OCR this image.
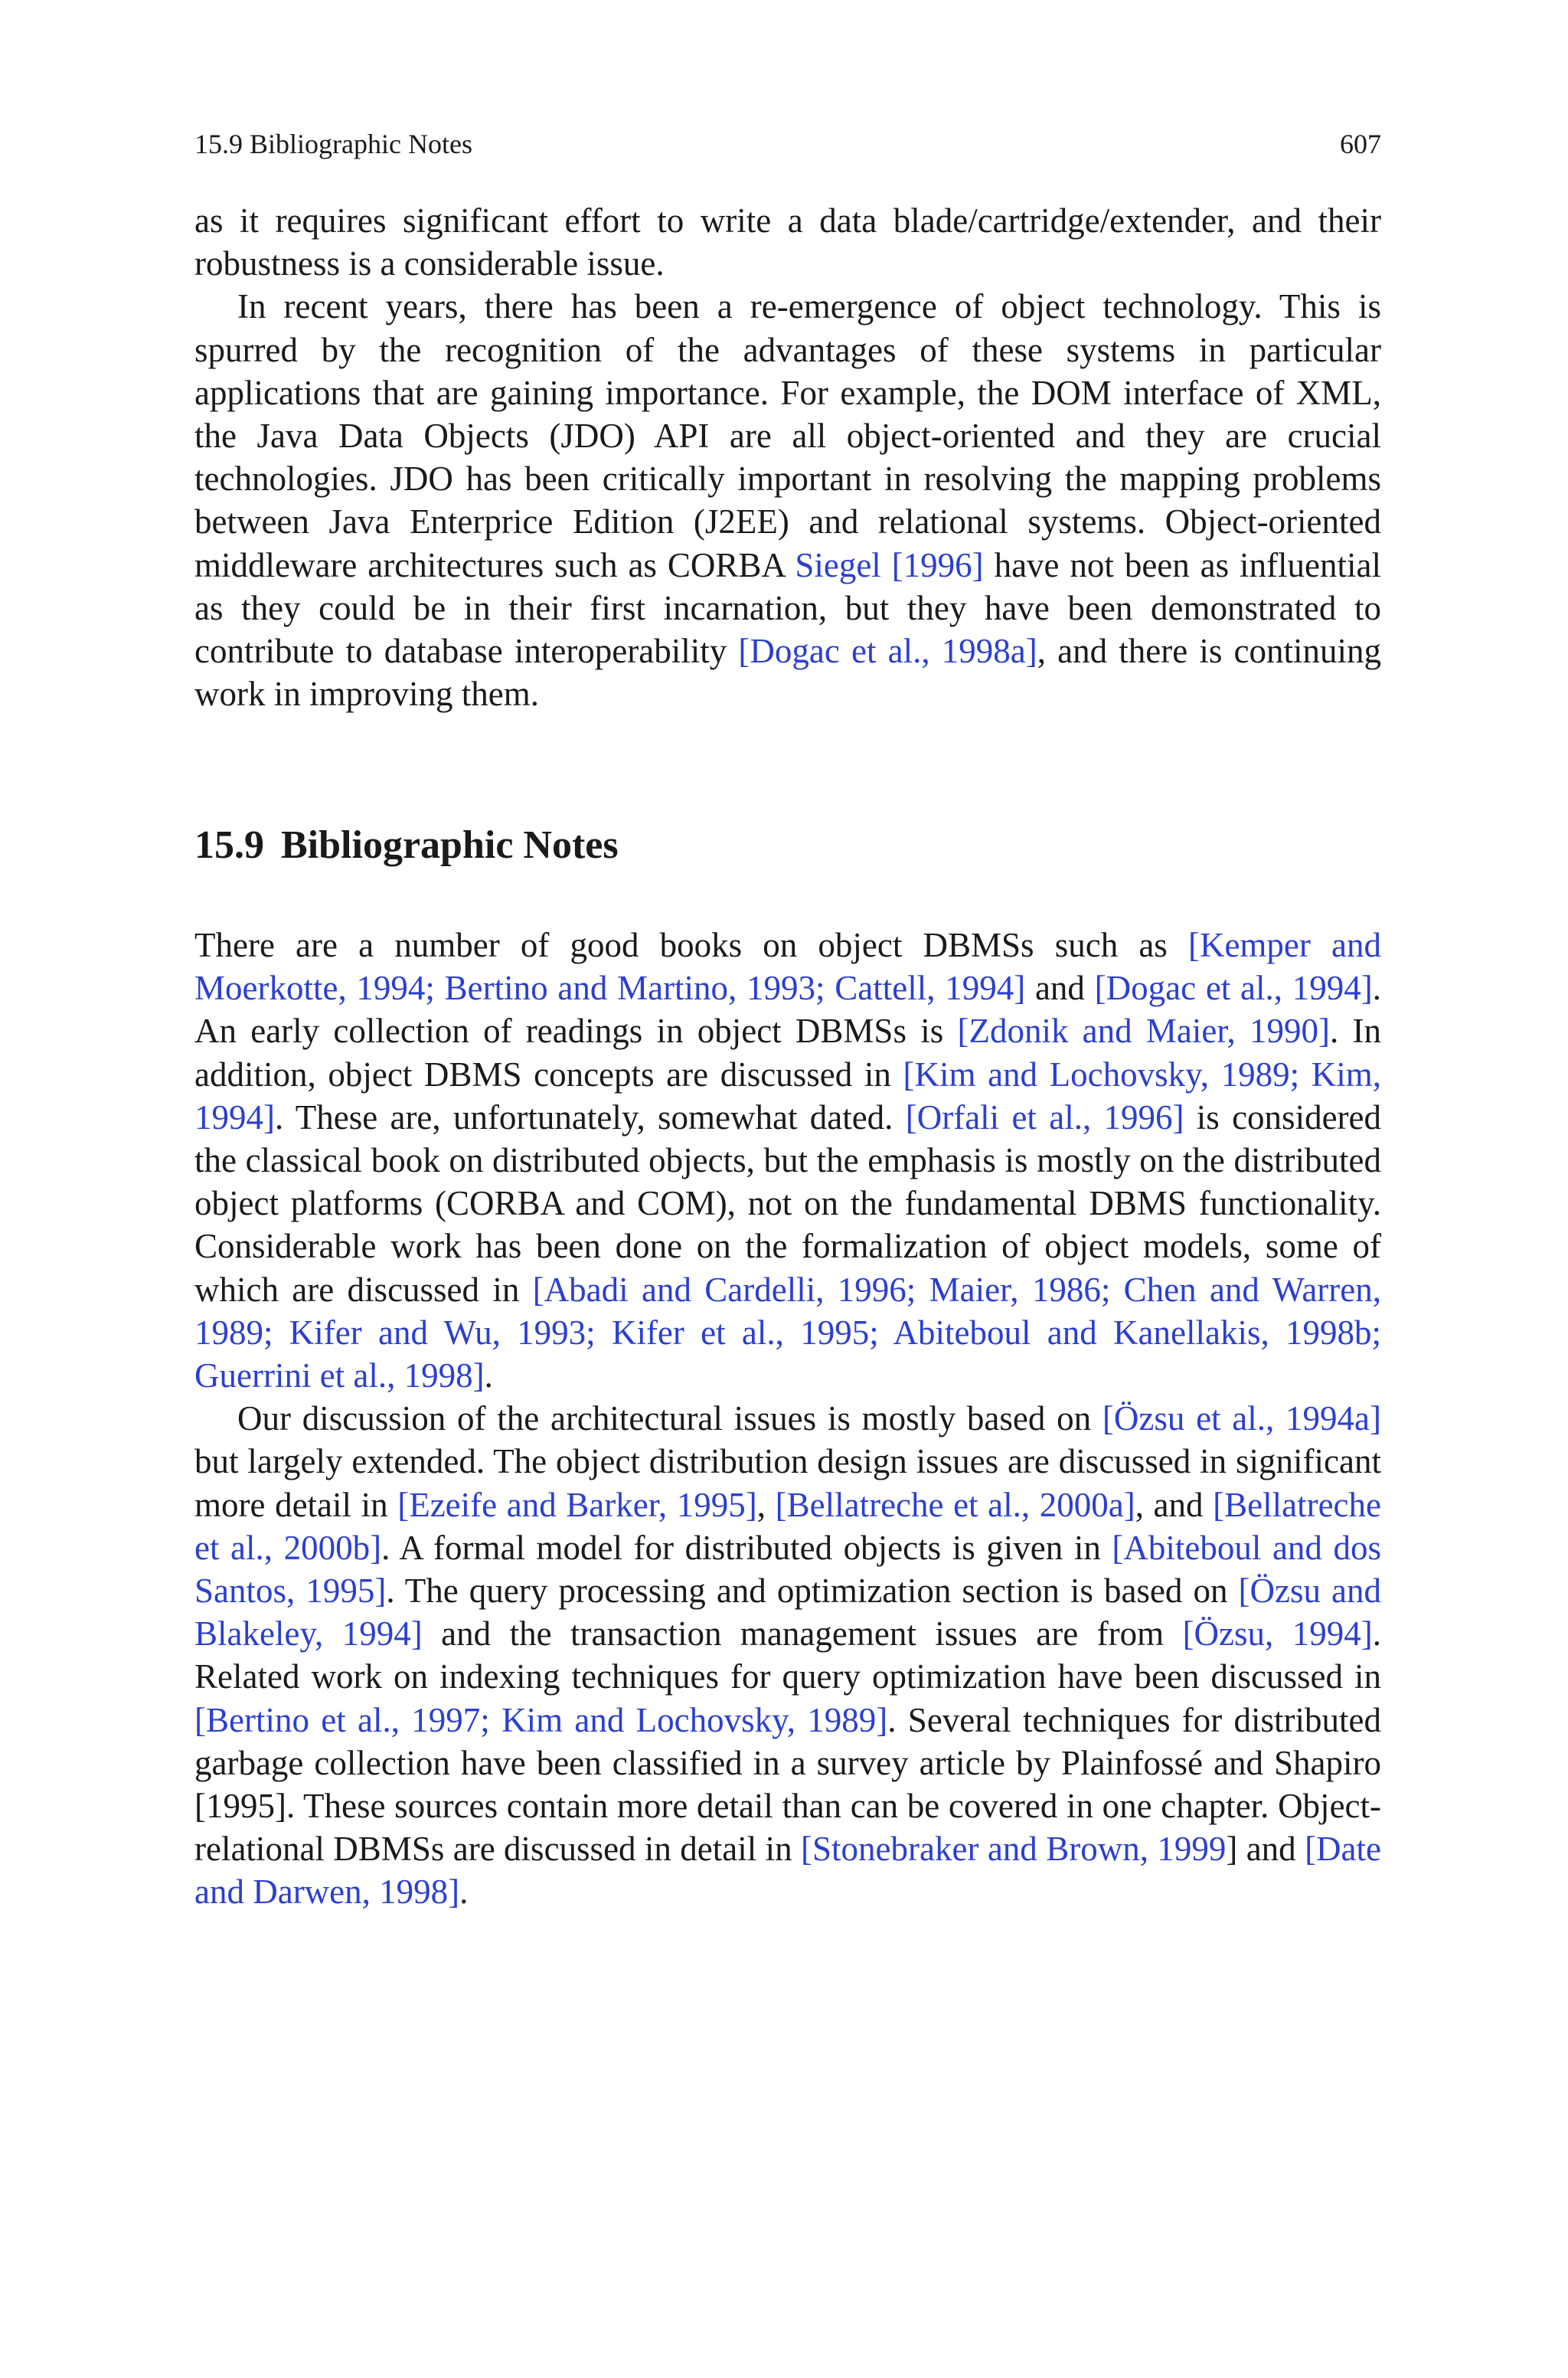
15.9 Bibliographic Notes	607

as it requires significant effort to write a data blade/cartridge/extender, and their robustness is a considerable issue.

In recent years, there has been a re-emergence of object technology. This is spurred by the recognition of the advantages of these systems in particular applications that are gaining importance. For example, the DOM interface of XML, the Java Data Objects (JDO) API are all object-oriented and they are crucial technologies. JDO has been critically important in resolving the mapping problems between Java Enterprice Edition (J2EE) and relational systems. Object-oriented middleware architectures such as CORBA Siegel [1996] have not been as influential as they could be in their first incarnation, but they have been demonstrated to contribute to database interoperability [Dogac et al., 1998a], and there is continuing work in improving them.

15.9 Bibliographic Notes

There are a number of good books on object DBMSs such as [Kemper and Moerkotte, 1994; Bertino and Martino, 1993; Cattell, 1994] and [Dogac et al., 1994]. An early collection of readings in object DBMSs is [Zdonik and Maier, 1990]. In addition, object DBMS concepts are discussed in [Kim and Lochovsky, 1989; Kim, 1994]. These are, unfortunately, somewhat dated. [Orfali et al., 1996] is considered the classical book on distributed objects, but the emphasis is mostly on the distributed object platforms (CORBA and COM), not on the fundamental DBMS functionality. Considerable work has been done on the formalization of object models, some of which are discussed in [Abadi and Cardelli, 1996; Maier, 1986; Chen and Warren, 1989; Kifer and Wu, 1993; Kifer et al., 1995; Abiteboul and Kanellakis, 1998b; Guerrini et al., 1998].

Our discussion of the architectural issues is mostly based on [Özsu et al., 1994a] but largely extended. The object distribution design issues are discussed in significant more detail in [Ezeife and Barker, 1995], [Bellatreche et al., 2000a], and [Bellatreche et al., 2000b]. A formal model for distributed objects is given in [Abiteboul and dos Santos, 1995]. The query processing and optimization section is based on [Özsu and Blakeley, 1994] and the transaction management issues are from [Özsu, 1994]. Related work on indexing techniques for query optimization have been discussed in [Bertino et al., 1997; Kim and Lochovsky, 1989]. Several techniques for distributed garbage collection have been classified in a survey article by Plainfossé and Shapiro [1995]. These sources contain more detail than can be covered in one chapter. Object-relational DBMSs are discussed in detail in [Stonebraker and Brown, 1999] and [Date and Darwen, 1998].
